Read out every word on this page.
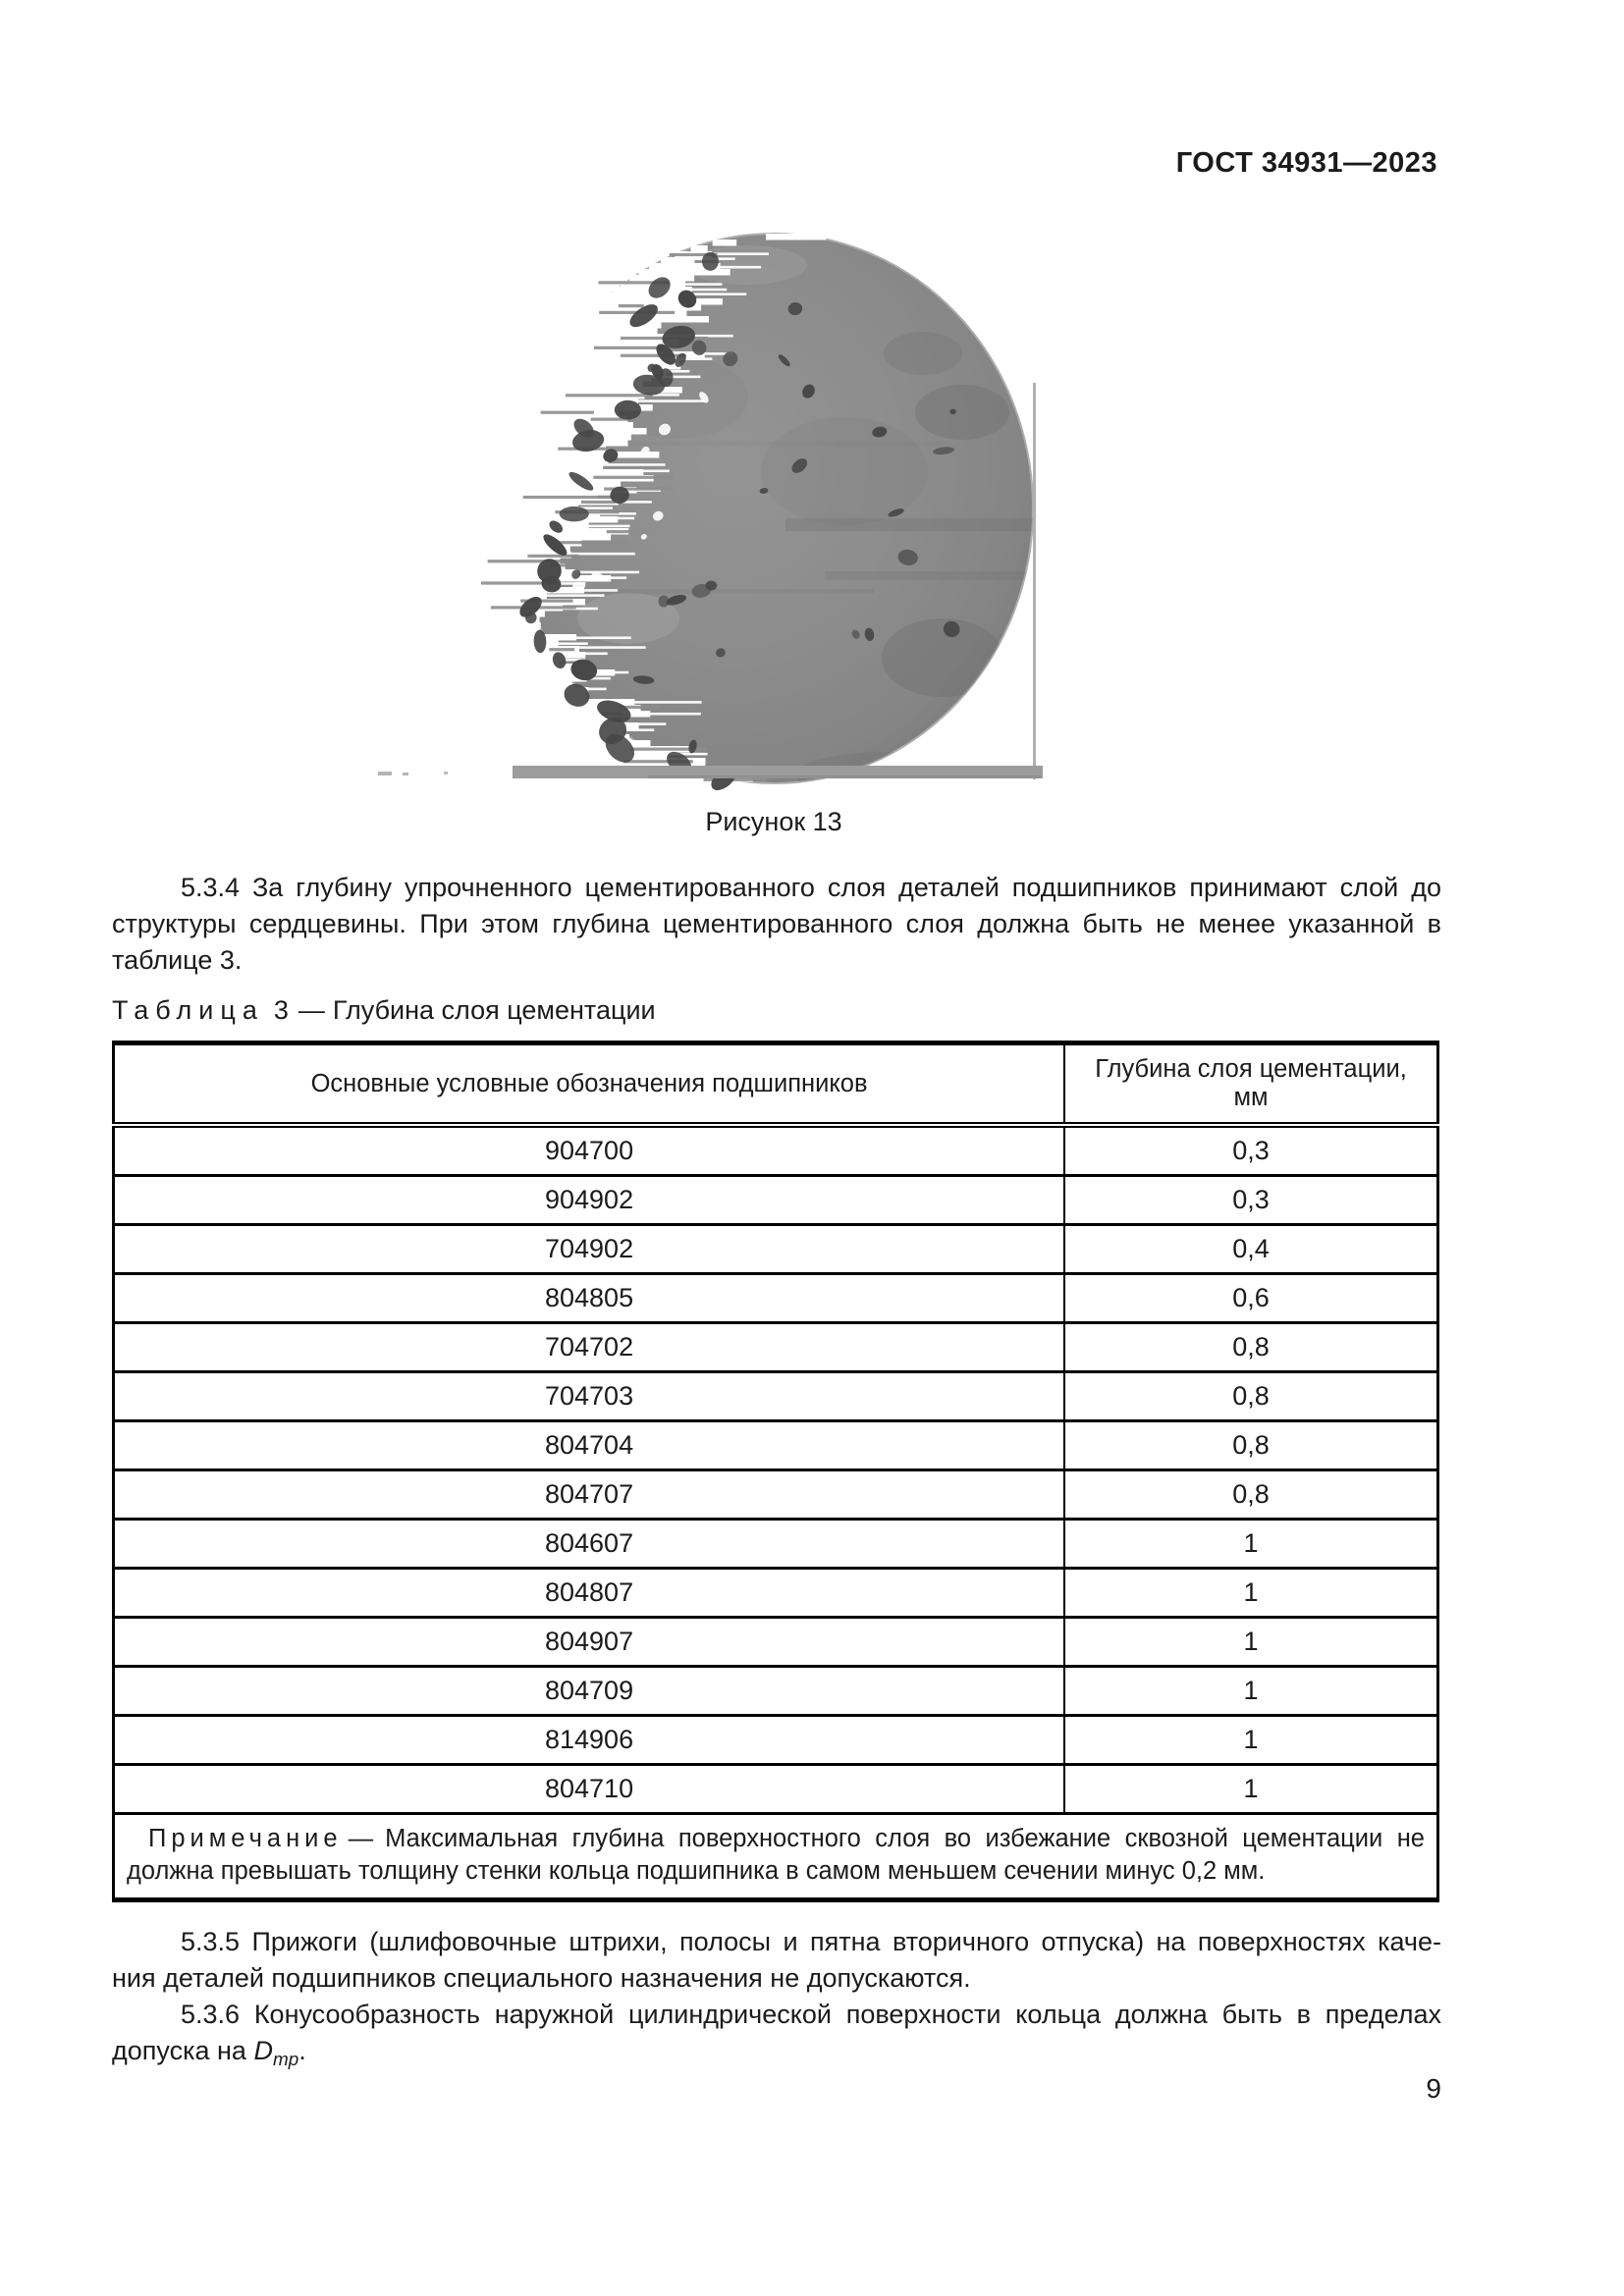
ГОСТ 34931—2023
Рисунок 13
5.3.4 За глубину упрочненного цементированного слоя деталей подшипников принимают слой до
структуры сердцевины. При этом глубина цементированного слоя должна быть не менее указанной в
таблице 3.
Таблица 3 — Глубина слоя цементации
Основные условные обозначения подшипников	Глубина слоя цементации, мм
904700	0,3
904902	0,3
704902	0,4
804805	0,6
704702	0,8
704703	0,8
804704	0,8
804707	0,8
804607	1
804807	1
804907	1
804709	1
814906	1
804710	1
Примечание — Максимальная глубина поверхностного слоя во избежание сквозной цементации не должна превышать толщину стенки кольца подшипника в самом меньшем сечении минус 0,2 мм.	
5.3.5 Прижоги (шлифовочные штрихи, полосы и пятна вторичного отпуска) на поверхностях каче-
ния деталей подшипников специального назначения не допускаются.
5.3.6 Конусообразность наружной цилиндрической поверхности кольца должна быть в пределах
допуска на $D_{mp}$.
9
